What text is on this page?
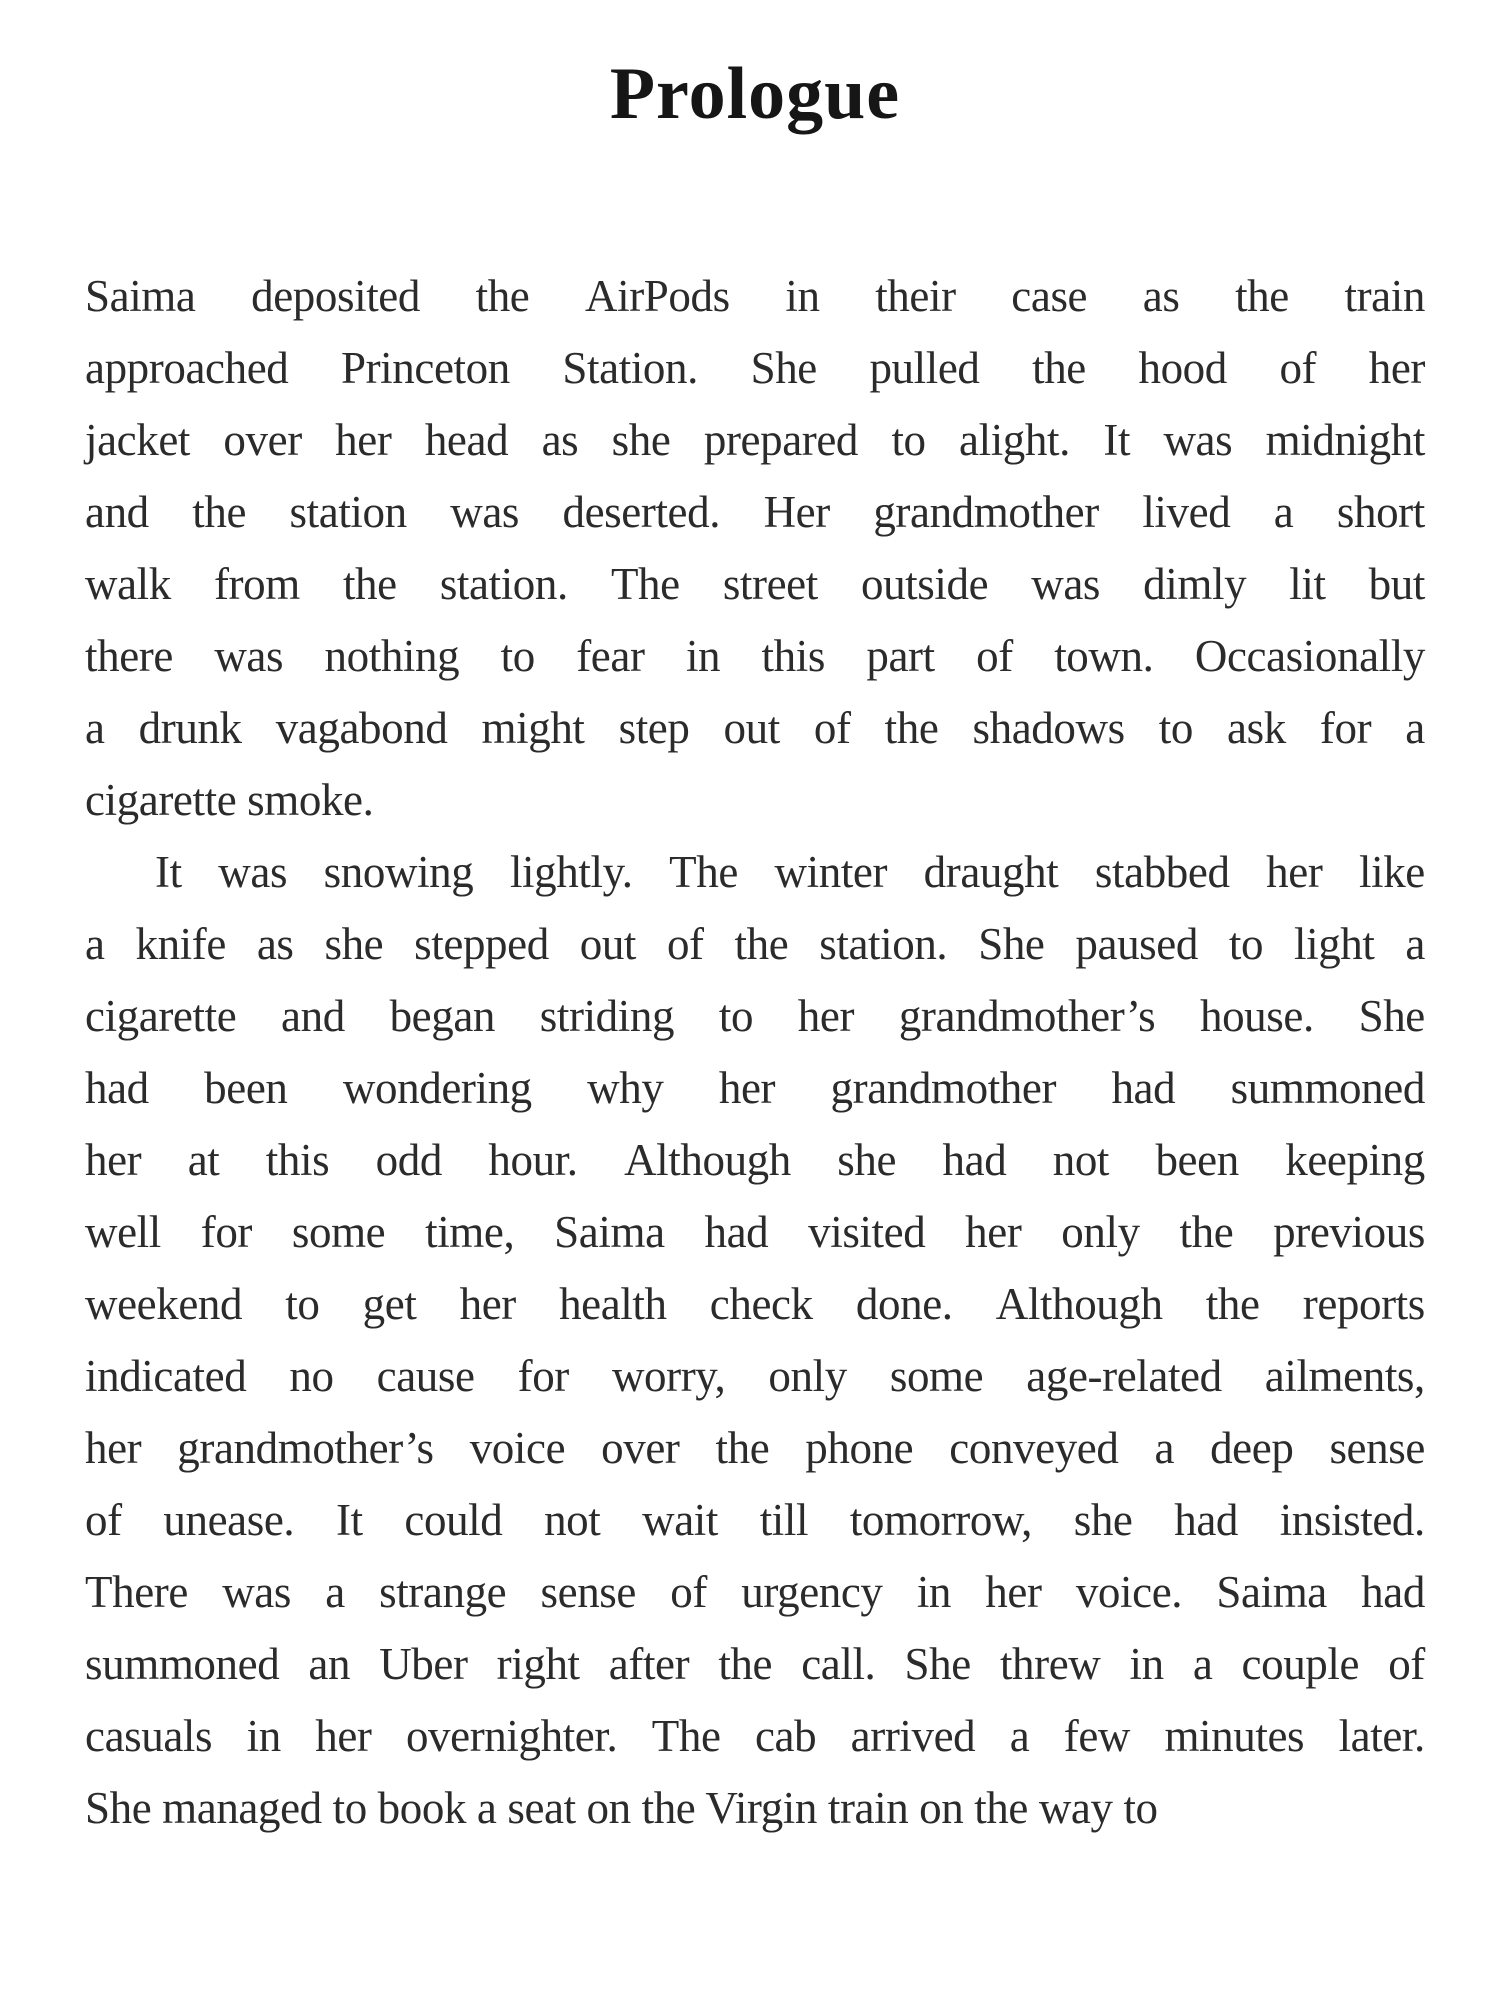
Prologue
Saima deposited the AirPods in their case as the train
approached Princeton Station. She pulled the hood of her
jacket over her head as she prepared to alight. It was midnight
and the station was deserted. Her grandmother lived a short
walk from the station. The street outside was dimly lit but
there was nothing to fear in this part of town. Occasionally
a drunk vagabond might step out of the shadows to ask for a
cigarette smoke.
It was snowing lightly. The winter draught stabbed her like
a knife as she stepped out of the station. She paused to light a
cigarette and began striding to her grandmother’s house. She
had been wondering why her grandmother had summoned
her at this odd hour. Although she had not been keeping
well for some time, Saima had visited her only the previous
weekend to get her health check done. Although the reports
indicated no cause for worry, only some age-related ailments,
her grandmother’s voice over the phone conveyed a deep sense
of unease. It could not wait till tomorrow, she had insisted.
There was a strange sense of urgency in her voice. Saima had
summoned an Uber right after the call. She threw in a couple of
casuals in her overnighter. The cab arrived a few minutes later.
She managed to book a seat on the Virgin train on the way to
